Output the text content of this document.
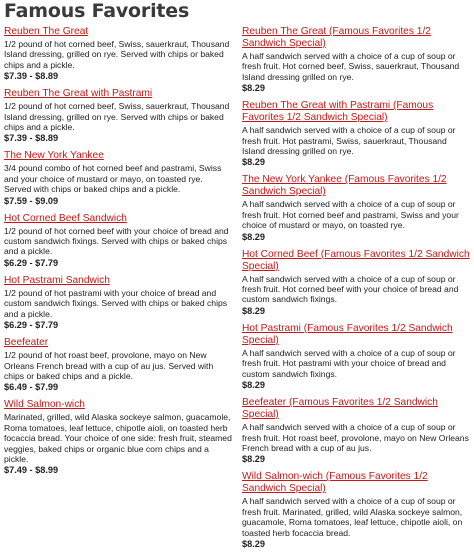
Famous Favorites
Reuben The Great
1/2 pound of hot corned beef, Swiss, sauerkraut, Thousand Island dressing, grilled on rye. Served with chips or baked chips and a pickle.
$7.39 - $8.89
Reuben The Great with Pastrami
1/2 pound of hot corned beef, Swiss, sauerkraut, Thousand Island dressing, grilled on rye. Served with chips or baked chips and a pickle.
$7.39 - $8.89
The New York Yankee
3/4 pound combo of hot corned beef and pastrami, Swiss and your choice of mustard or mayo, on toasted rye. Served with chips or baked chips and a pickle.
$7.59 - $9.09
Hot Corned Beef Sandwich
1/2 pound of hot corned beef with your choice of bread and custom sandwich fixings. Served with chips or baked chips and a pickle.
$6.29 - $7.79
Hot Pastrami Sandwich
1/2 pound of hot pastrami with your choice of bread and custom sandwich fixings. Served with chips or baked chips and a pickle.
$6.29 - $7.79
Beefeater
1/2 pound of hot roast beef, provolone, mayo on New Orleans French bread with a cup of au jus. Served with chips or baked chips and a pickle.
$6.49 - $7.99
Wild Salmon-wich
Marinated, grilled, wild Alaska sockeye salmon, guacamole, Roma tomatoes, leaf lettuce, chipotle aioli, on toasted herb focaccia bread. Your choice of one side: fresh fruit, steamed veggies, baked chips or organic blue corn chips and a pickle.
$7.49 - $8.99
Reuben The Great (Famous Favorites 1/2 Sandwich Special)
A half sandwich served with a choice of a cup of soup or fresh fruit. Hot corned beef, Swiss, sauerkraut, Thousand Island dressing grilled on rye.
$8.29
Reuben The Great with Pastrami (Famous Favorites 1/2 Sandwich Special)
A half sandwich served with a choice of a cup of soup or fresh fruit. Hot pastrami, Swiss, sauerkraut, Thousand Island dressing grilled on rye.
$8.29
The New York Yankee (Famous Favorites 1/2 Sandwich Special)
A half sandwich served with a choice of a cup of soup or fresh fruit. Hot corned beef and pastrami, Swiss and your choice of mustard or mayo, on toasted rye.
$8.29
Hot Corned Beef (Famous Favorites 1/2 Sandwich Special)
A half sandwich served with a choice of a cup of soup or fresh fruit. Hot corned beef with your choice of bread and custom sandwich fixings.
$8.29
Hot Pastrami (Famous Favorites 1/2 Sandwich Special)
A half sandwich served with a choice of a cup of soup or fresh fruit. Hot pastrami with your choice of bread and custom sandwich fixings.
$8.29
Beefeater (Famous Favorites 1/2 Sandwich Special)
A half sandwich served with a choice of a cup of soup or fresh fruit. Hot roast beef, provolone, mayo on New Orleans French bread with a cup of au jus.
$8.29
Wild Salmon-wich (Famous Favorites 1/2 Sandwich Special)
A half sandwich served with a choice of a cup of soup or fresh fruit. Marinated, grilled, wild Alaska sockeye salmon, guacamole, Roma tomatoes, leaf lettuce, chipotle aioli, on toasted herb focaccia bread.
$8.29
